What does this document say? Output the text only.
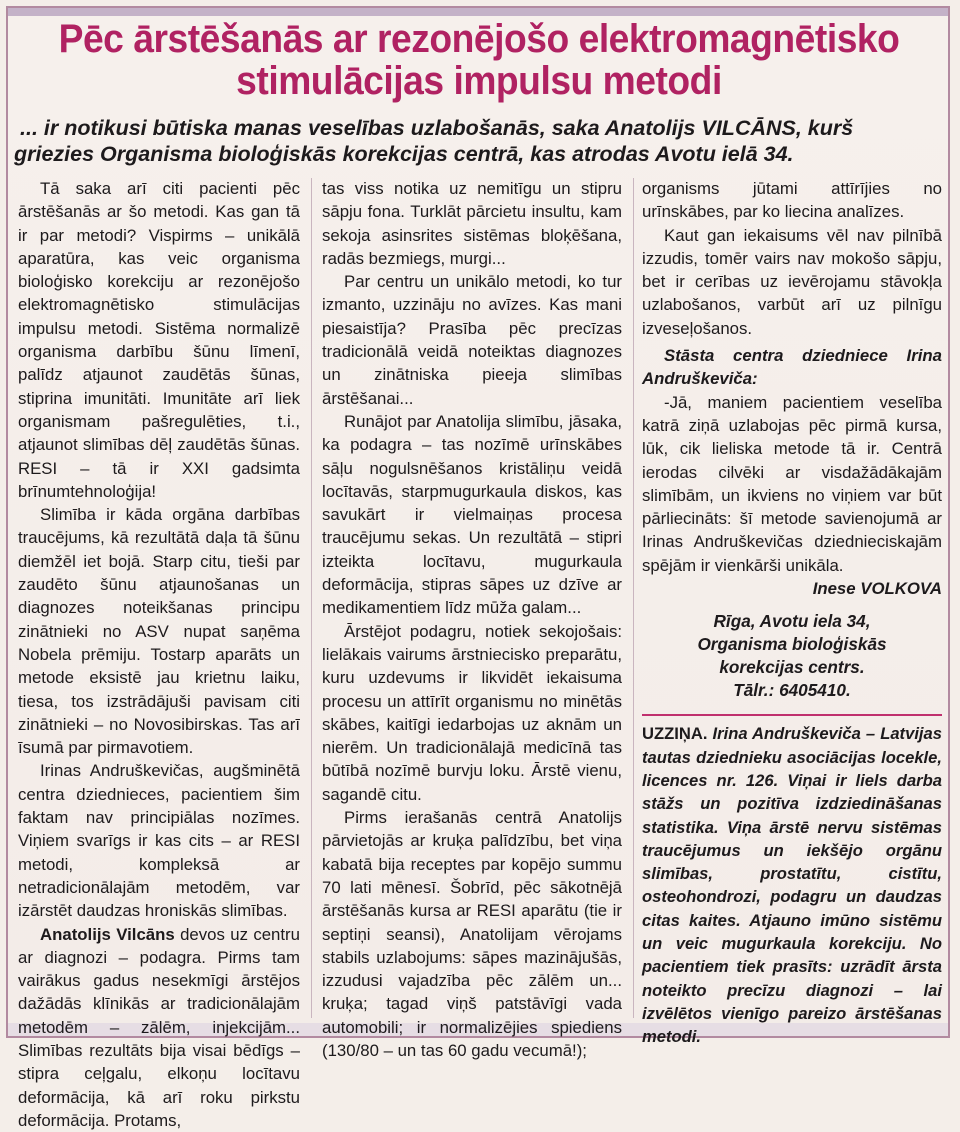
Pēc ārstēšanās ar rezonējošo elektromagnētisko
stimulācijas impulsu metodi
... ir notikusi būtiska manas veselības uzlabošanās, saka Anatolijs VILCĀNS, kurš
griezies Organisma bioloģiskās korekcijas centrā, kas atrodas Avotu ielā 34.

Tā saka arī citi pacienti pēc ārstēšanās ar šo metodi. Kas gan tā ir par metodi? Vispirms – unikālā aparatūra, kas veic organisma bioloģisko korekciju ar rezonējošo elektromagnētisko stimulācijas impulsu metodi. Sistēma normalizē organisma darbību šūnu līmenī, palīdz atjaunot zaudētās šūnas, stiprina imunitāti. Imunitāte arī liek organismam pašregulēties, t.i., atjaunot slimības dēļ zaudētās šūnas. RESI – tā ir XXI gadsimta brīnumtehnoloģija!

Slimība ir kāda orgāna darbības traucējums, kā rezultātā daļa tā šūnu diemžēl iet bojā. Starp citu, tieši par zaudēto šūnu atjaunošanas un diagnozes noteikšanas principu zinātnieki no ASV nupat saņēma Nobela prēmiju. Tostarp aparāts un metode eksistē jau krietnu laiku, tiesa, tos izstrādājuši pavisam citi zinātnieki – no Novosibirskas. Tas arī īsumā par pirmavotiem.

Irinas Andruškevičas, augšminētā centra dziednieces, pacientiem šim faktam nav principiālas nozīmes. Viņiem svarīgs ir kas cits – ar RESI metodi, kompleksā ar netradicionālajām metodēm, var izārstēt daudzas hroniskās slimības.

Anatolijs Vilcāns devos uz centru ar diagnozi – podagra. Pirms tam vairākus gadus nesekmīgi ārstējos dažādās klīnikās ar tradicionālajām metodēm – zālēm, injekcijām... Slimības rezultāts bija visai bēdīgs – stipra ceļgalu, elkoņu locītavu deformācija, kā arī roku pirkstu deformācija. Protams,

tas viss notika uz nemitīgu un stipru sāpju fona. Turklāt pārcietu insultu, kam sekoja asinsrites sistēmas bloķēšana, radās bezmiegs, murgi...

Par centru un unikālo metodi, ko tur izmanto, uzzināju no avīzes. Kas mani piesaistīja? Prasība pēc precīzas tradicionālā veidā noteiktas diagnozes un zinātniska pieeja slimības ārstēšanai...

Runājot par Anatolija slimību, jāsaka, ka podagra – tas nozīmē urīnskābes sāļu nogulsnēšanos kristāliņu veidā locītavās, starpmugurkaula diskos, kas savukārt ir vielmaiņas procesa traucējumu sekas. Un rezultātā – stipri izteikta locītavu, mugurkaula deformācija, stipras sāpes uz dzīve ar medikamentiem līdz mūža galam...

Ārstējot podagru, notiek sekojošais: lielākais vairums ārstniecisko preparātu, kuru uzdevums ir likvidēt iekaisuma procesu un attīrīt organismu no minētās skābes, kaitīgi iedarbojas uz aknām un nierēm. Un tradicionālajā medicīnā tas būtībā nozīmē burvju loku. Ārstē vienu, sagandē citu.

Pirms ierašanās centrā Anatolijs pārvietojās ar kruķa palīdzību, bet viņa kabatā bija receptes par kopējo summu 70 lati mēnesī. Šobrīd, pēc sākotnējā ārstēšanās kursa ar RESI aparātu (tie ir septiņi seansi), Anatolijam vērojams stabils uzlabojums: sāpes mazinājušās, izzudusi vajadzība pēc zālēm un... kruķa; tagad viņš patstāvīgi vada automobili; ir normalizējies spiediens (130/80 – un tas 60 gadu vecumā!);

organisms jūtami attīrījies no urīnskābes, par ko liecina analīzes.

Kaut gan iekaisums vēl nav pilnībā izzudis, tomēr vairs nav mokošo sāpju, bet ir cerības uz ievērojamu stāvokļa uzlabošanos, varbūt arī uz pilnīgu izveseļošanos.

Stāsta centra dziedniece Irina Andruškeviča:

-Jā, maniem pacientiem veselība katrā ziņā uzlabojas pēc pirmā kursa, lūk, cik lieliska metode tā ir. Centrā ierodas cilvēki ar visdažādākajām slimībām, un ikviens no viņiem var būt pārliecināts: šī metode savienojumā ar Irinas Andruškevičas dziednieciskajām spējām ir vienkārši unikāla.

Inese VOLKOVA

Rīga, Avotu iela 34,
Organisma bioloģiskās
korekcijas centrs.
Tālr.: 6405410.

UZZIŅA. Irina Andruškeviča – Latvijas tautas dziednieku asociācijas locekle, licences nr. 126. Viņai ir liels darba stāžs un pozitīva izdziedināšanas statistika. Viņa ārstē nervu sistēmas traucējumus un iekšējo orgānu slimības, prostatītu, cistītu, osteohondrozi, podagru un daudzas citas kaites. Atjauno imūno sistēmu un veic mugurkaula korekciju. No pacientiem tiek prasīts: uzrādīt ārsta noteikto precīzu diagnozi – lai izvēlētos vienīgo pareizo ārstēšanas metodi.
